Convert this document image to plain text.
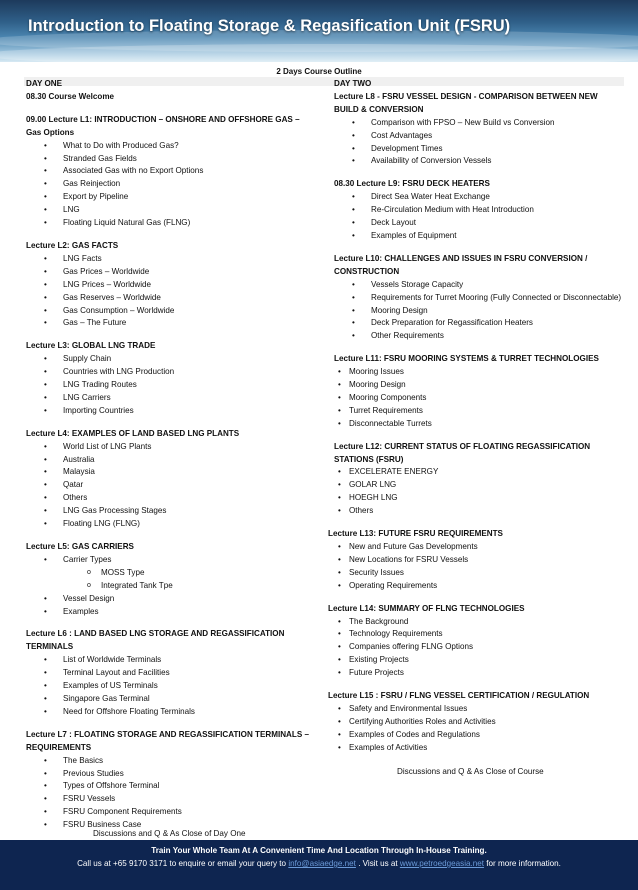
Introduction to Floating Storage & Regasification Unit (FSRU)
2 Days Course Outline
DAY ONE
08.30 Course Welcome
09.00 Lecture L1: INTRODUCTION – ONSHORE AND OFFSHORE GAS – Gas Options
• What to Do with Produced Gas?
• Stranded Gas Fields
• Associated Gas with no Export Options
• Gas Reinjection
• Export by Pipeline
• LNG
• Floating Liquid Natural Gas (FLNG)
Lecture L2: GAS FACTS
• LNG Facts
• Gas Prices – Worldwide
• LNG Prices – Worldwide
• Gas Reserves – Worldwide
• Gas Consumption – Worldwide
• Gas – The Future
Lecture L3: GLOBAL LNG TRADE
• Supply Chain
• Countries with LNG Production
• LNG Trading Routes
• LNG Carriers
• Importing Countries
Lecture L4: EXAMPLES OF LAND BASED LNG PLANTS
• World List of LNG Plants
• Australia
• Malaysia
• Qatar
• Others
• LNG Gas Processing Stages
• Floating LNG (FLNG)
Lecture L5: GAS CARRIERS
• Carrier Types
o MOSS Type
o Integrated Tank Tpe
• Vessel Design
• Examples
Lecture L6 : LAND BASED LNG STORAGE AND REGASSIFICATION TERMINALS
• List of Worldwide Terminals
• Terminal Layout and Facilities
• Examples of US Terminals
• Singapore Gas Terminal
• Need for Offshore Floating Terminals
Lecture L7 : FLOATING STORAGE AND REGASSIFICATION TERMINALS – REQUIREMENTS
• The Basics
• Previous Studies
• Types of Offshore Terminal
• FSRU Vessels
• FSRU Component Requirements
• FSRU Business Case
Discussions and Q & As Close of Day One
DAY TWO
Lecture L8 - FSRU VESSEL DESIGN - COMPARISON BETWEEN NEW BUILD & CONVERSION
• Comparison with FPSO – New Build vs Conversion
• Cost Advantages
• Development Times
• Availability of Conversion Vessels
08.30 Lecture L9: FSRU DECK HEATERS
• Direct Sea Water Heat Exchange
• Re-Circulation Medium with Heat Introduction
• Deck Layout
• Examples of Equipment
Lecture L10: CHALLENGES AND ISSUES IN FSRU CONVERSION / CONSTRUCTION
• Vessels Storage Capacity
• Requirements for Turret Mooring (Fully Connected or Disconnectable)
• Mooring Design
• Deck Preparation for Regassification Heaters
• Other Requirements
Lecture L11: FSRU MOORING SYSTEMS & TURRET TECHNOLOGIES
• Mooring Issues
• Mooring Design
• Mooring Components
• Turret Requirements
• Disconnectable Turrets
Lecture L12: CURRENT STATUS OF FLOATING REGASSIFICATION STATIONS (FSRU)
• EXCELERATE ENERGY
• GOLAR LNG
• HOEGH LNG
• Others
Lecture L13: FUTURE FSRU REQUIREMENTS
• New and Future Gas Developments
• New Locations for FSRU Vessels
• Security Issues
• Operating Requirements
Lecture L14: SUMMARY OF FLNG TECHNOLOGIES
• The Background
• Technology Requirements
• Companies offering FLNG Options
• Existing Projects
• Future Projects
Lecture L15 : FSRU / FLNG VESSEL CERTIFICATION / REGULATION
• Safety and Environmental Issues
• Certifying Authorities Roles and Activities
• Examples of Codes and Regulations
• Examples of Activities
Discussions and Q & As Close of Course
Train Your Whole Team At A Convenient Time And Location Through In-House Training.
Call us at +65 9170 3171 to enquire or email your query to info@asiaedge.net . Visit us at www.petroedgeasia.net for more information.
